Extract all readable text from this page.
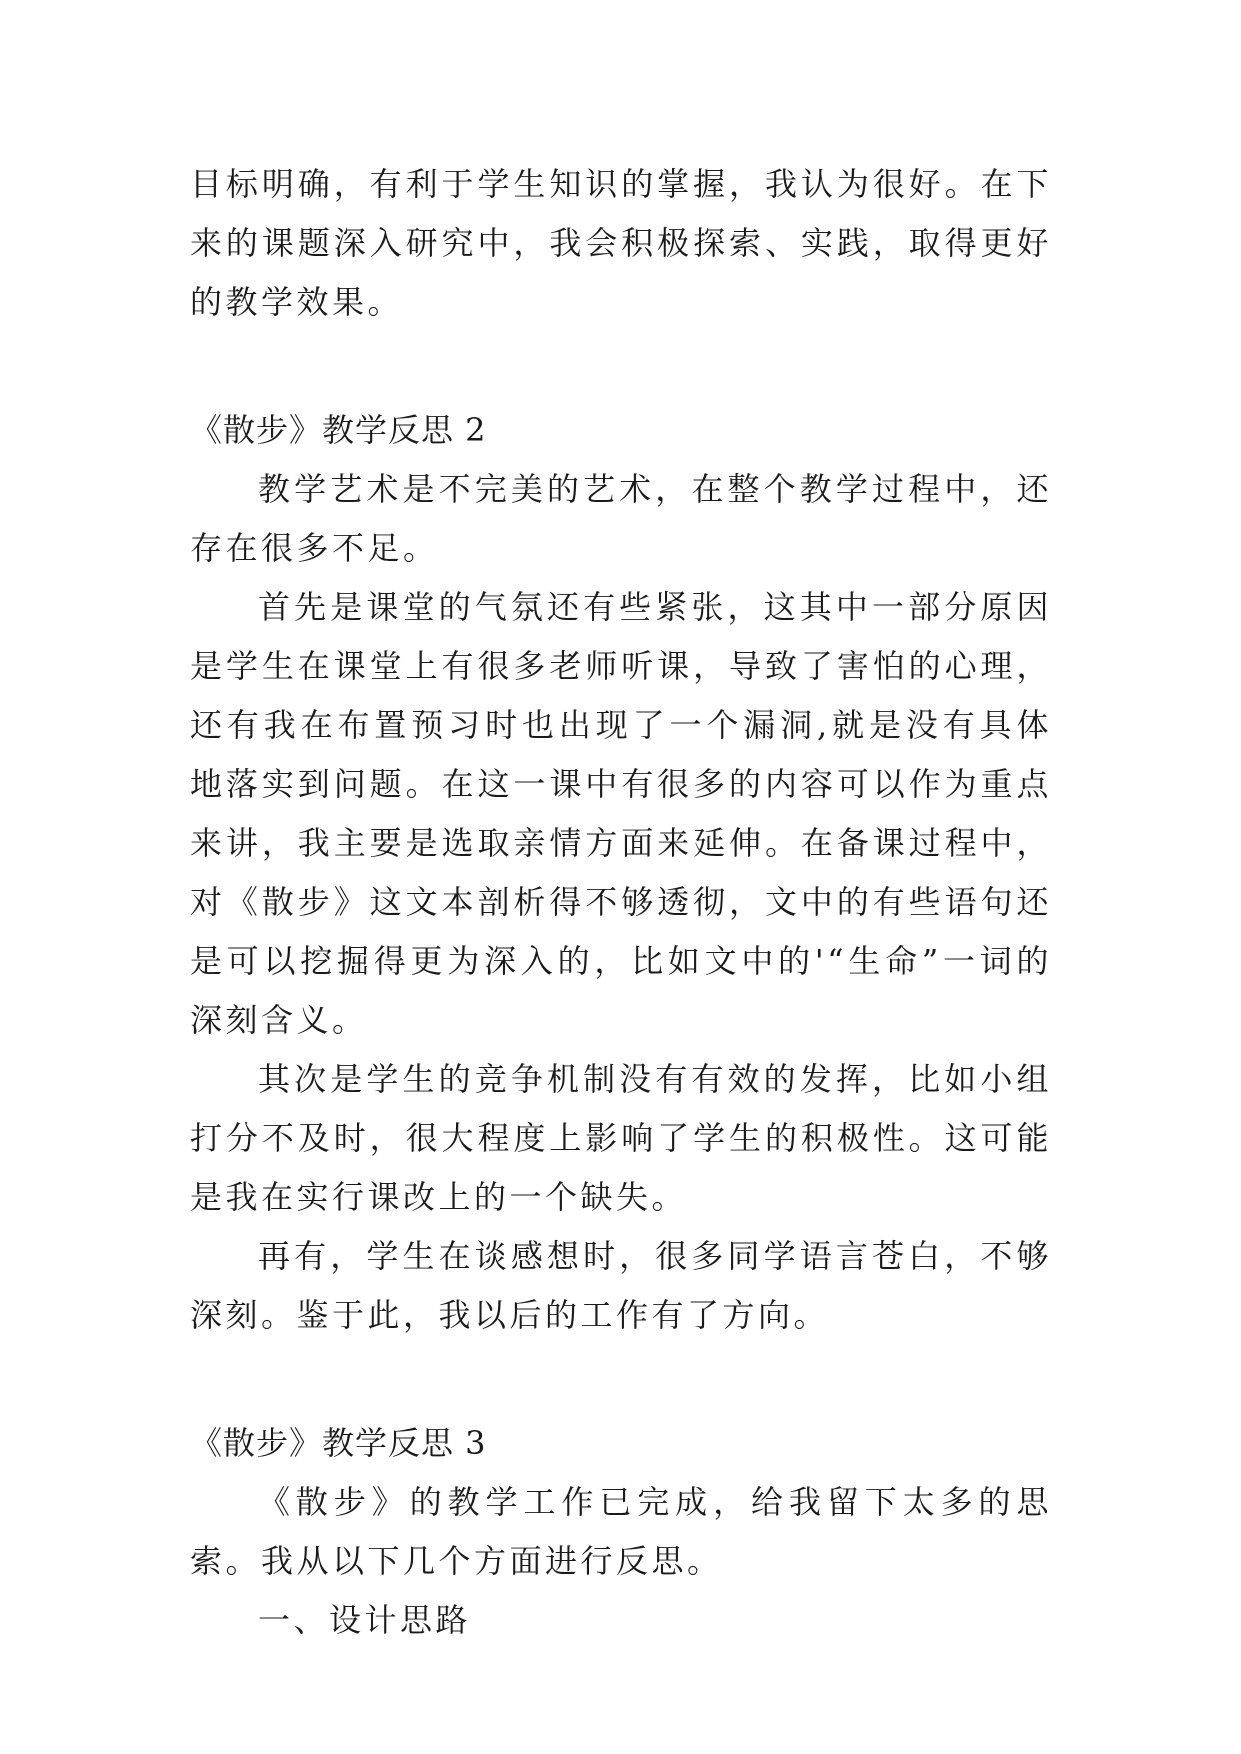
目标明确，有利于学生知识的掌握，我认为很好。在下来的课题深入研究中，我会积极探索、实践，取得更好的教学效果。

《散步》教学反思 2

教学艺术是不完美的艺术，在整个教学过程中，还存在很多不足。

首先是课堂的气氛还有些紧张，这其中一部分原因是学生在课堂上有很多老师听课，导致了害怕的心理，还有我在布置预习时也出现了一个漏洞,就是没有具体地落实到问题。在这一课中有很多的内容可以作为重点来讲，我主要是选取亲情方面来延伸。在备课过程中，对《散步》这文本剖析得不够透彻，文中的有些语句还是可以挖掘得更为深入的，比如文中的'“生命”一词的深刻含义。

其次是学生的竞争机制没有有效的发挥，比如小组打分不及时，很大程度上影响了学生的积极性。这可能是我在实行课改上的一个缺失。

再有，学生在谈感想时，很多同学语言苍白，不够深刻。鉴于此，我以后的工作有了方向。

《散步》教学反思 3

《散步》的教学工作已完成，给我留下太多的思索。我从以下几个方面进行反思。

一、设计思路
